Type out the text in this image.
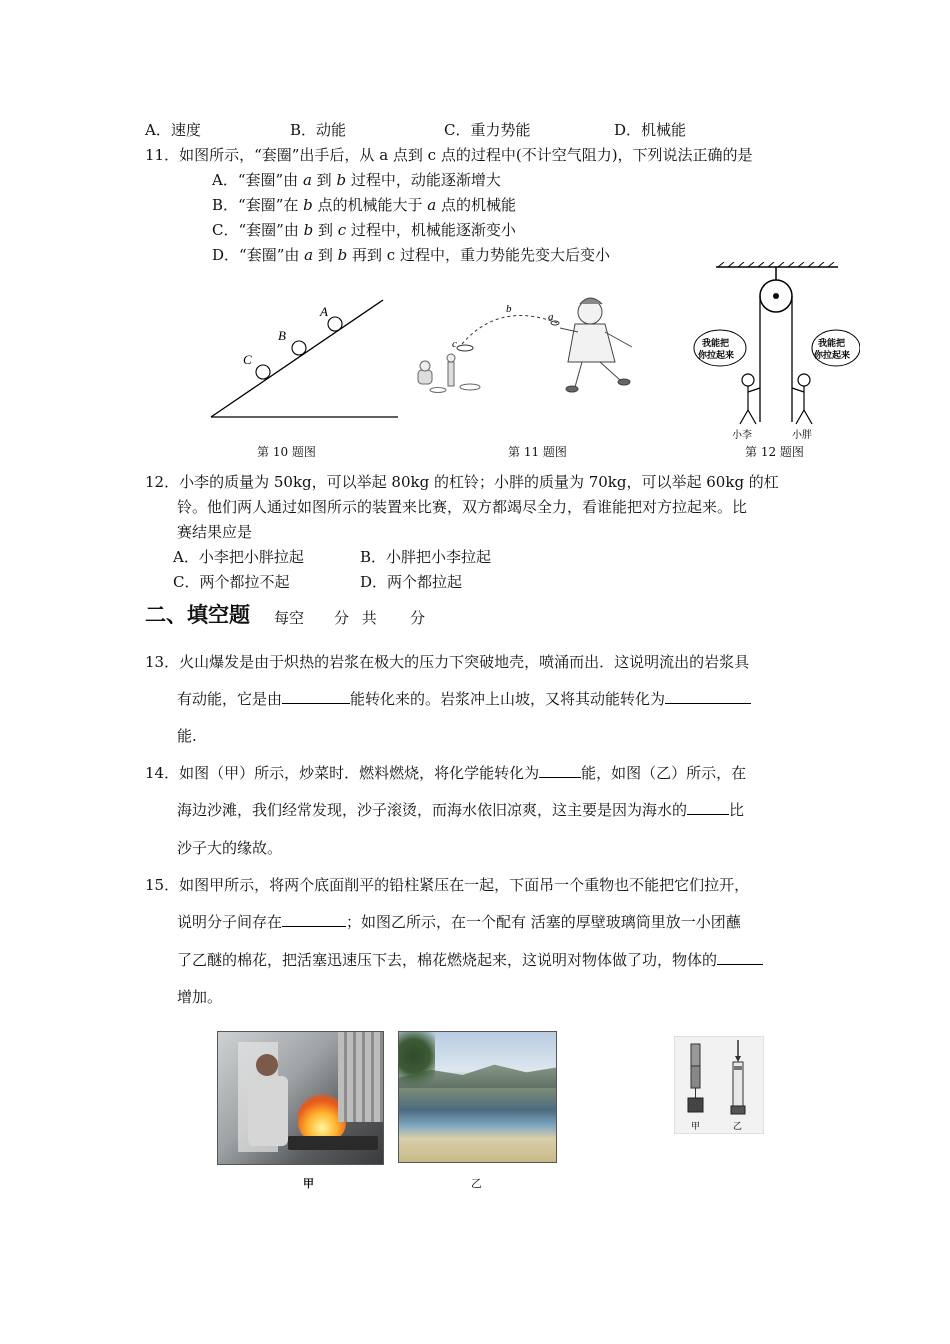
A．速度	B．动能	C．重力势能	D．机械能
11．如图所示，“套圈”出手后，从 a 点到 c 点的过程中(不计空气阻力)，下列说法正确的是
A．“套圈”由 a 到 b 过程中，动能逐渐增大
B．“套圈”在 b 点的机械能大于 a 点的机械能
C．“套圈”由 b 到 c 过程中，机械能逐渐变小
D．“套圈”由 a 到 b 再到 c 过程中，重力势能先变大后变小
A
B
C
第 10 题图
b
a
c
第 11 题图
我能把
你拉起来
我能把
你拉起来
小李	小胖
第 12 题图
12．小李的质量为 50kg，可以举起 80kg 的杠铃；小胖的质量为 70kg，可以举起 60kg 的杠
铃。他们两人通过如图所示的装置来比赛，双方都竭尽全力，看谁能把对方拉起来。比
赛结果应是
A．小李把小胖拉起	B．小胖把小李拉起
C．两个都拉不起	D．两个都拉起
二、填空题 每空 分 共 分
13．火山爆发是由于炽热的岩浆在极大的压力下突破地壳，喷涌而出．这说明流出的岩浆具
有动能，它是由	能转化来的。岩浆冲上山坡，又将其动能转化为
能.
14．如图（甲）所示，炒菜时．燃料燃烧，将化学能转化为	能，如图（乙）所示，在
海边沙滩，我们经常发现，沙子滚烫，而海水依旧凉爽，这主要是因为海水的	比
沙子大的缘故。
15．如图甲所示，将两个底面削平的铅柱紧压在一起，下面吊一个重物也不能把它们拉开，
说明分子间存在	；如图乙所示，在一个配有 活塞的厚壁玻璃筒里放一小团蘸
了乙醚的棉花，把活塞迅速压下去，棉花燃烧起来，这说明对物体做了功，物体的
增加。
甲	乙
甲	乙
